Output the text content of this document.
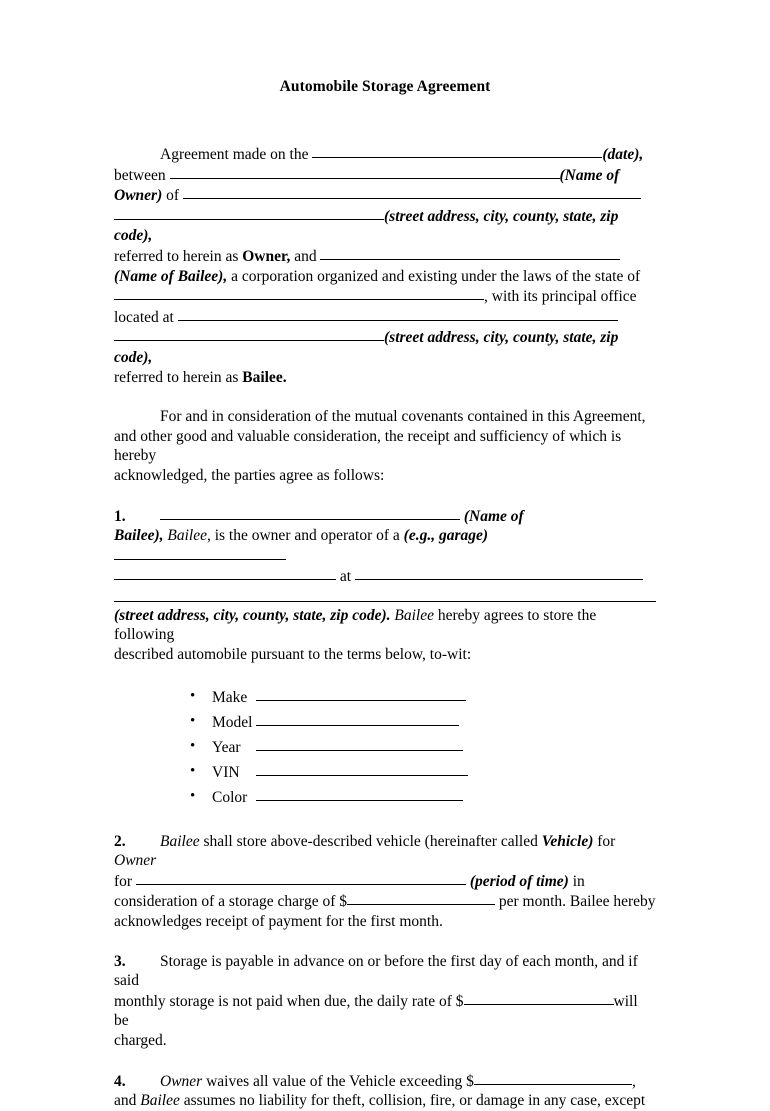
Automobile Storage Agreement

Agreement made on the	(date),

between	(Name of

Owner) of

(street address, city, county, state, zip code),

referred to herein as Owner, and

(Name of Bailee), a corporation organized and existing under the laws of the state of

, with its principal office

located at

(street address, city, county, state, zip code),

referred to herein as Bailee.

For and in consideration of the mutual covenants contained in this Agreement,

and other good and valuable consideration, the receipt and sufficiency of which is hereby

acknowledged, the parties agree as follows:

1.	(Name of

Bailee), Bailee, is the owner and operator of a (e.g., garage)

at

(street address, city, county, state, zip code). Bailee hereby agrees to store the following

described automobile pursuant to the terms below, to-wit:

• Make
• Model
• Year
• VIN
• Color

2. Bailee shall store above-described vehicle (hereinafter called Vehicle) for Owner

for	(period of time) in

consideration of a storage charge of $	per month. Bailee hereby

acknowledges receipt of payment for the first month.

3. Storage is payable in advance on or before the first day of each month, and if said

monthly storage is not paid when due, the daily rate of $	will be

charged.

4. Owner waives all value of the Vehicle exceeding $	,

and Bailee assumes no liability for theft, collision, fire, or damage in any case, except
